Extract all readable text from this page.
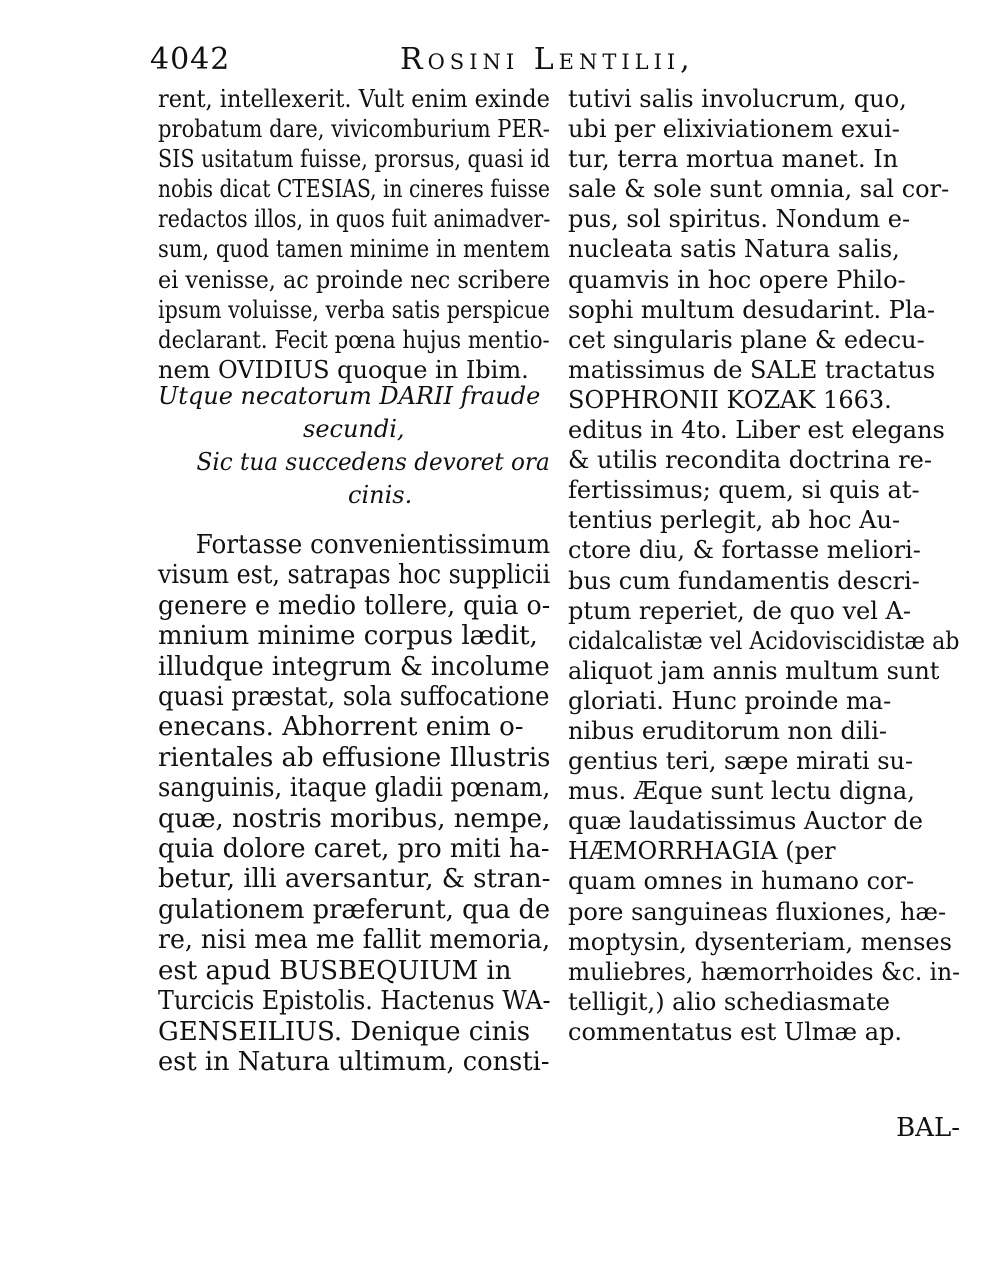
4042	Rosini Lentilii,
rent, intellexerit. Vult enim exinde
probatum dare, vivicomburium PER-
SIS usitatum fuisse, prorsus, quasi id
nobis dicat CTESIAS, in cineres fuisse
redactos illos, in quos fuit animadver-
sum, quod tamen minime in mentem
ei venisse, ac proinde nec scribere
ipsum voluisse, verba satis perspicue
declarant. Fecit pœna hujus mentio-
nem OVIDIUS quoque in Ibim.
Utque necatorum DARII fraude
secundi,
Sic tua succedens devoret ora
cinis.
Fortasse convenientissimum
visum est, satrapas hoc supplicii
genere e medio tollere, quia o-
mnium minime corpus lædit,
illudque integrum & incolume
quasi præstat, sola suffocatione
enecans. Abhorrent enim o-
rientales ab effusione Illustris
sanguinis, itaque gladii pœnam,
quæ, nostris moribus, nempe,
quia dolore caret, pro miti ha-
betur, illi aversantur, & stran-
gulationem præferunt, qua de
re, nisi mea me fallit memoria,
est apud BUSBEQUIUM in
Turcicis Epistolis. Hactenus WA-
GENSEILIUS. Denique cinis
est in Natura ultimum, consti-
tutivi salis involucrum, quo,
ubi per elixiviationem exui-
tur, terra mortua manet. In
sale & sole sunt omnia, sal cor-
pus, sol spiritus. Nondum e-
nucleata satis Natura salis,
quamvis in hoc opere Philo-
sophi multum desudarint. Pla-
cet singularis plane & edecu-
matissimus de SALE tractatus
SOPHRONII KOZAK 1663.
editus in 4to. Liber est elegans
& utilis recondita doctrina re-
fertissimus; quem, si quis at-
tentius perlegit, ab hoc Au-
ctore diu, & fortasse meliori-
bus cum fundamentis descri-
ptum reperiet, de quo vel A-
cidalcalistæ vel Acidoviscidistæ ab
aliquot jam annis multum sunt
gloriati. Hunc proinde ma-
nibus eruditorum non dili-
gentius teri, sæpe mirati su-
mus. Æque sunt lectu digna,
quæ laudatissimus Auctor de
HÆMORRHAGIA (per
quam omnes in humano cor-
pore sanguineas fluxiones, hæ-
moptysin, dysenteriam, menses
muliebres, hæmorrhoides &c. in-
telligit,) alio schediasmate
commentatus est Ulmæ ap.
BAL-
